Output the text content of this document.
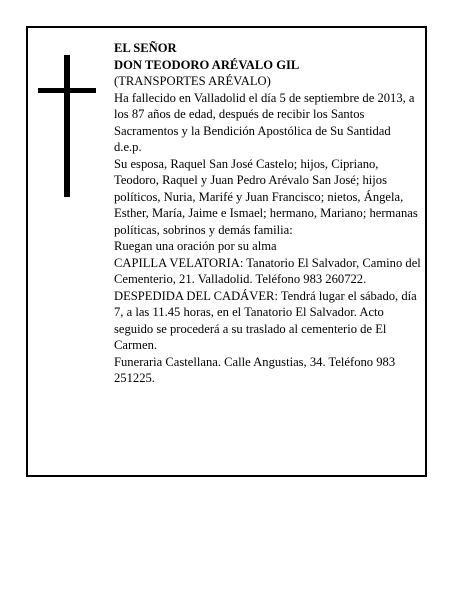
EL SEÑOR

DON TEODORO ARÉVALO GIL

(TRANSPORTES ARÉVALO)

Ha fallecido en Valladolid el día 5 de septiembre de 2013, a los 87 años de edad, después de recibir los Santos Sacramentos y la Bendición Apostólica de Su Santidad

d.e.p.

Su esposa, Raquel San José Castelo; hijos, Cipriano, Teodoro, Raquel y Juan Pedro Arévalo San José; hijos políticos, Nuria, Marifé y Juan Francisco; nietos, Ángela, Esther, María, Jaime e Ismael; hermano, Mariano; hermanas políticas, sobrinos y demás familia:

Ruegan una oración por su alma

CAPILLA VELATORIA: Tanatorio El Salvador, Camino del Cementerio, 21. Valladolid. Teléfono 983 260722.

DESPEDIDA DEL CADÁVER: Tendrá lugar el sábado, día 7, a las 11.45 horas, en el Tanatorio El Salvador. Acto seguido se procederá a su traslado al cementerio de El Carmen.

Funeraria Castellana. Calle Angustias, 34. Teléfono 983 251225.
